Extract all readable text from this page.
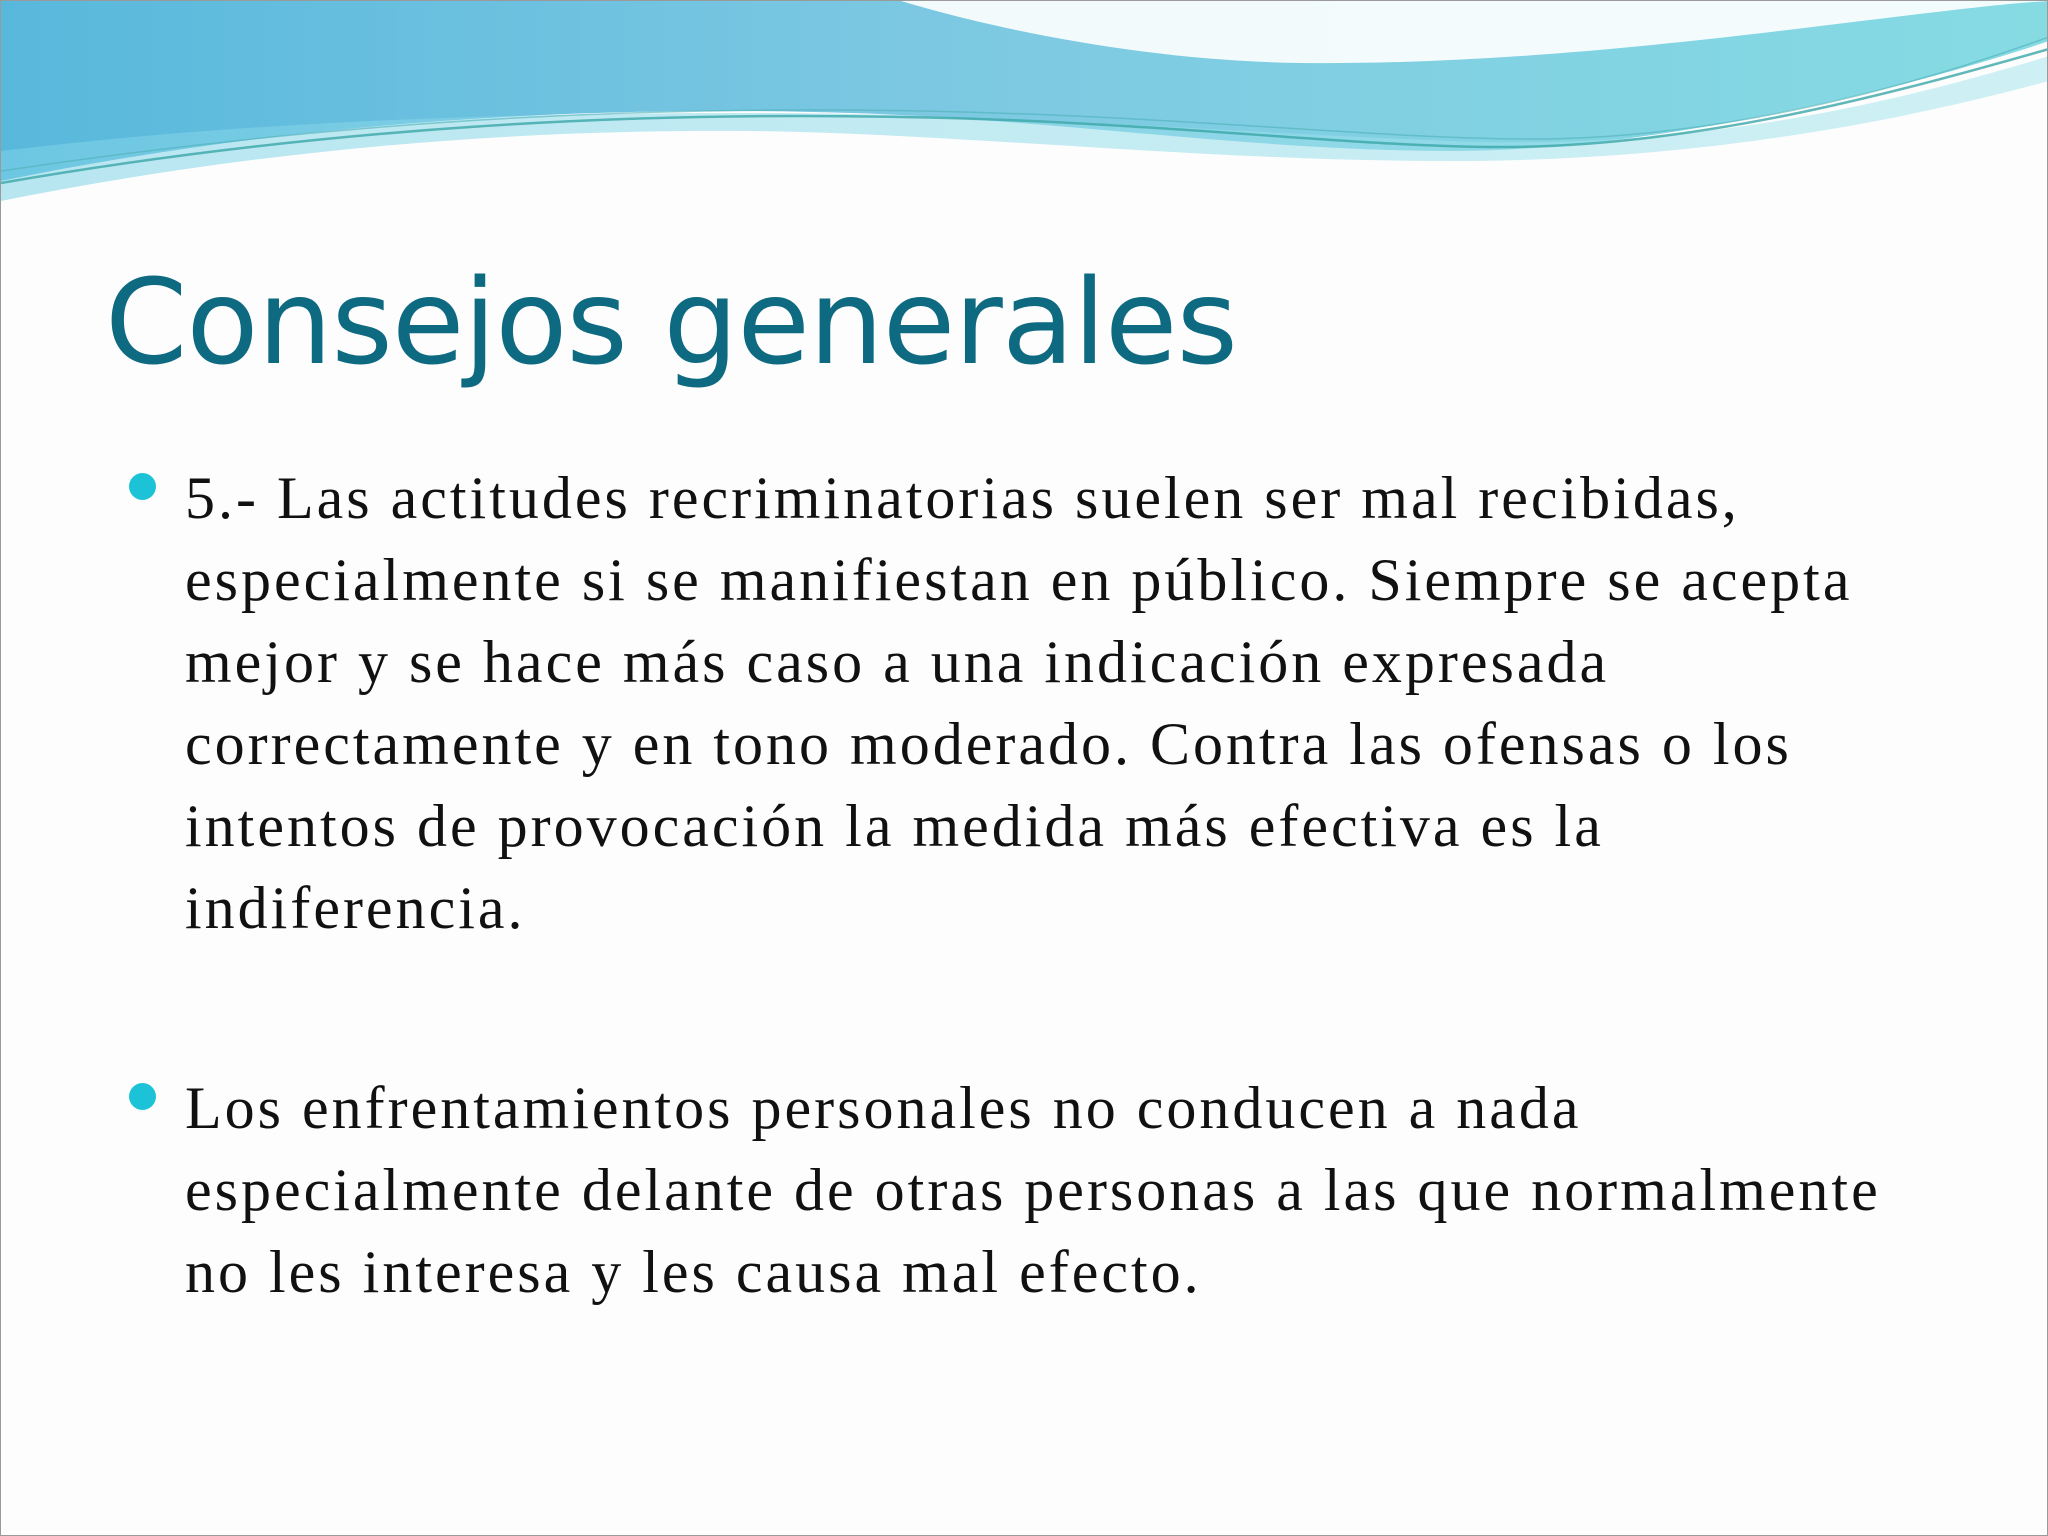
Consejos generales

5.- Las actitudes recriminatorias suelen ser mal recibidas, especialmente si se manifiestan en público. Siempre se acepta mejor y se hace más caso a una indicación expresada correctamente y en tono moderado. Contra las ofensas o los intentos de provocación la medida más efectiva es la indiferencia.

Los enfrentamientos personales no conducen a nada especialmente delante de otras personas a las que normalmente no les interesa y les causa mal efecto.
